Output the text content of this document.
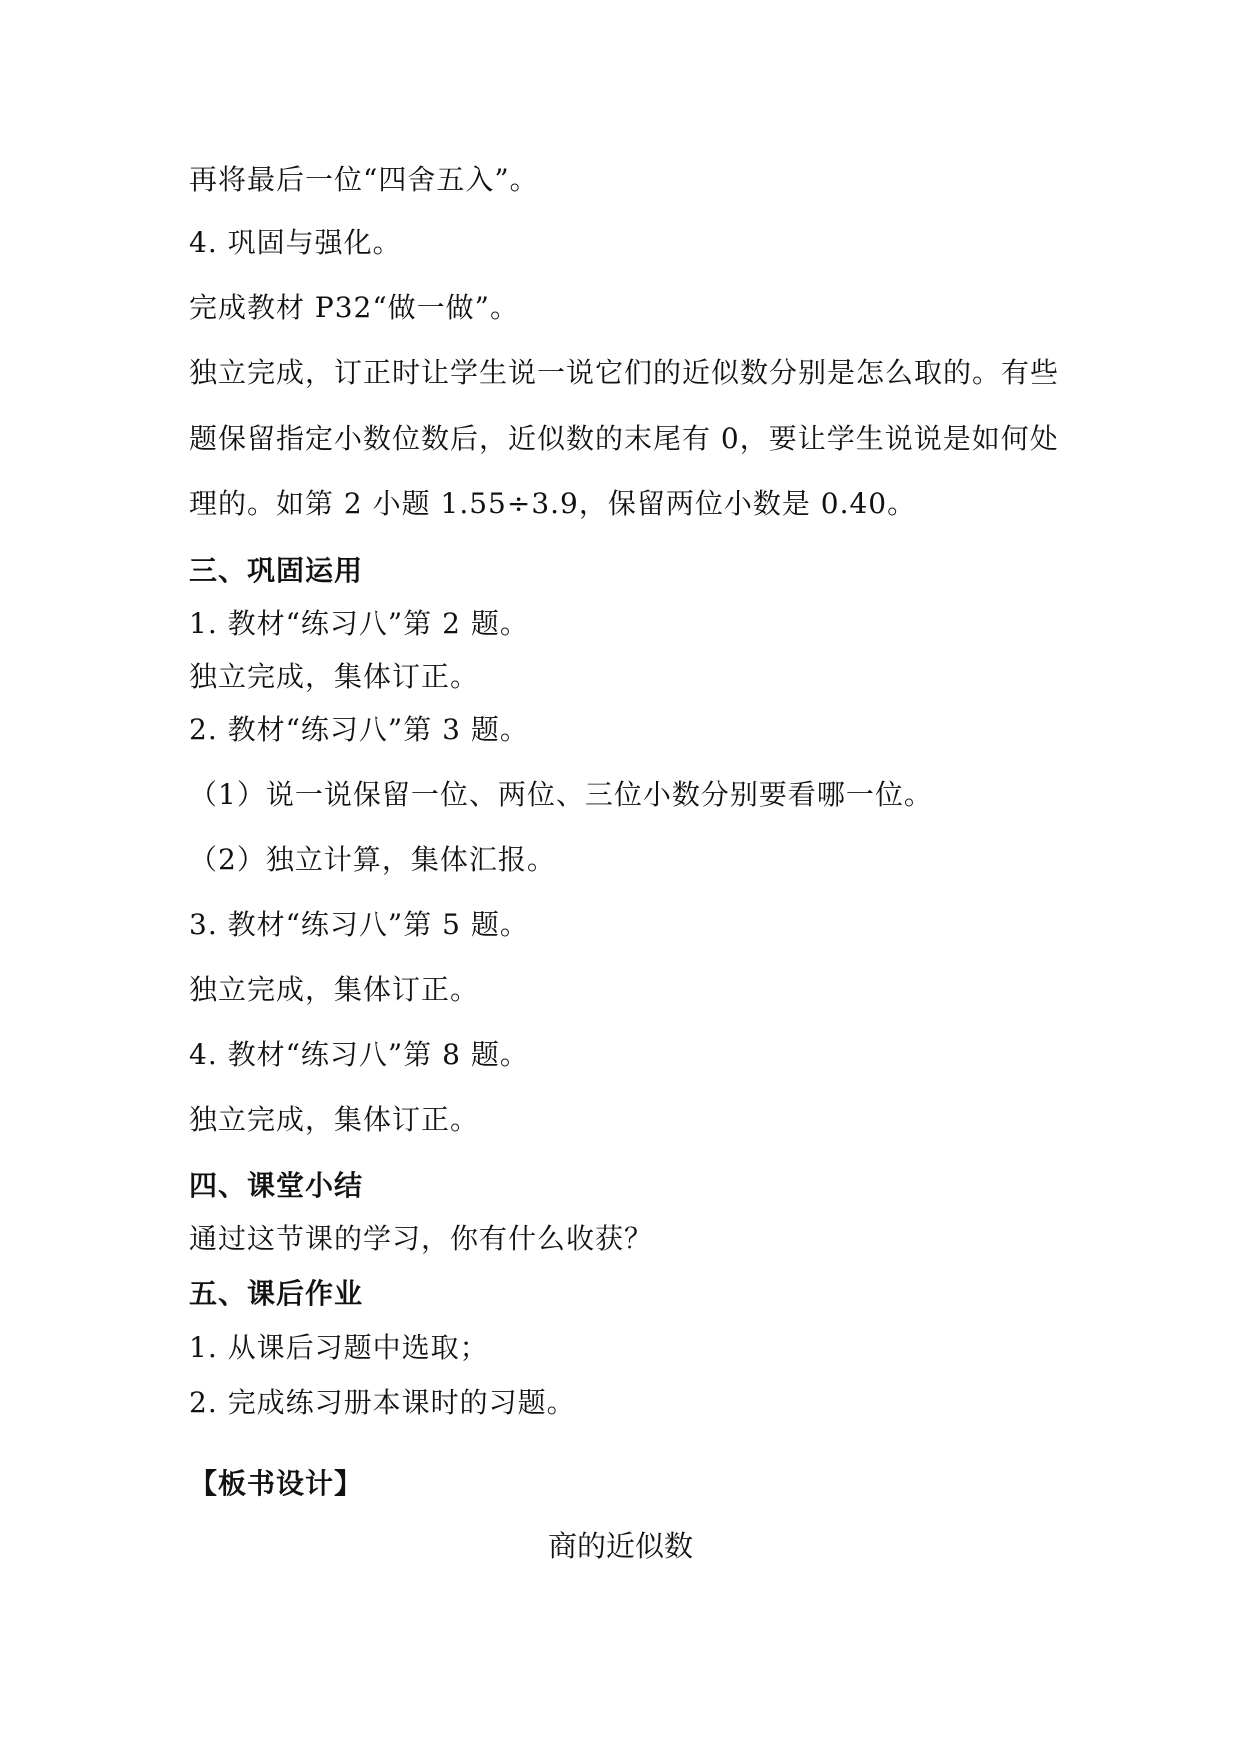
再将最后一位“四舍五入”。
4. 巩固与强化。
完成教材 P32“做一做”。
独立完成，订正时让学生说一说它们的近似数分别是怎么取的。有些
题保留指定小数位数后，近似数的末尾有 0，要让学生说说是如何处
理的。如第 2 小题 1.55÷3.9，保留两位小数是 0.40。
三、巩固运用
1. 教材“练习八”第 2 题。
独立完成，集体订正。
2. 教材“练习八”第 3 题。
（1）说一说保留一位、两位、三位小数分别要看哪一位。
（2）独立计算，集体汇报。
3. 教材“练习八”第 5 题。
独立完成，集体订正。
4. 教材“练习八”第 8 题。
独立完成，集体订正。
四、课堂小结
通过这节课的学习，你有什么收获？
五、课后作业
1. 从课后习题中选取；
2. 完成练习册本课时的习题。
【板书设计】
商的近似数
